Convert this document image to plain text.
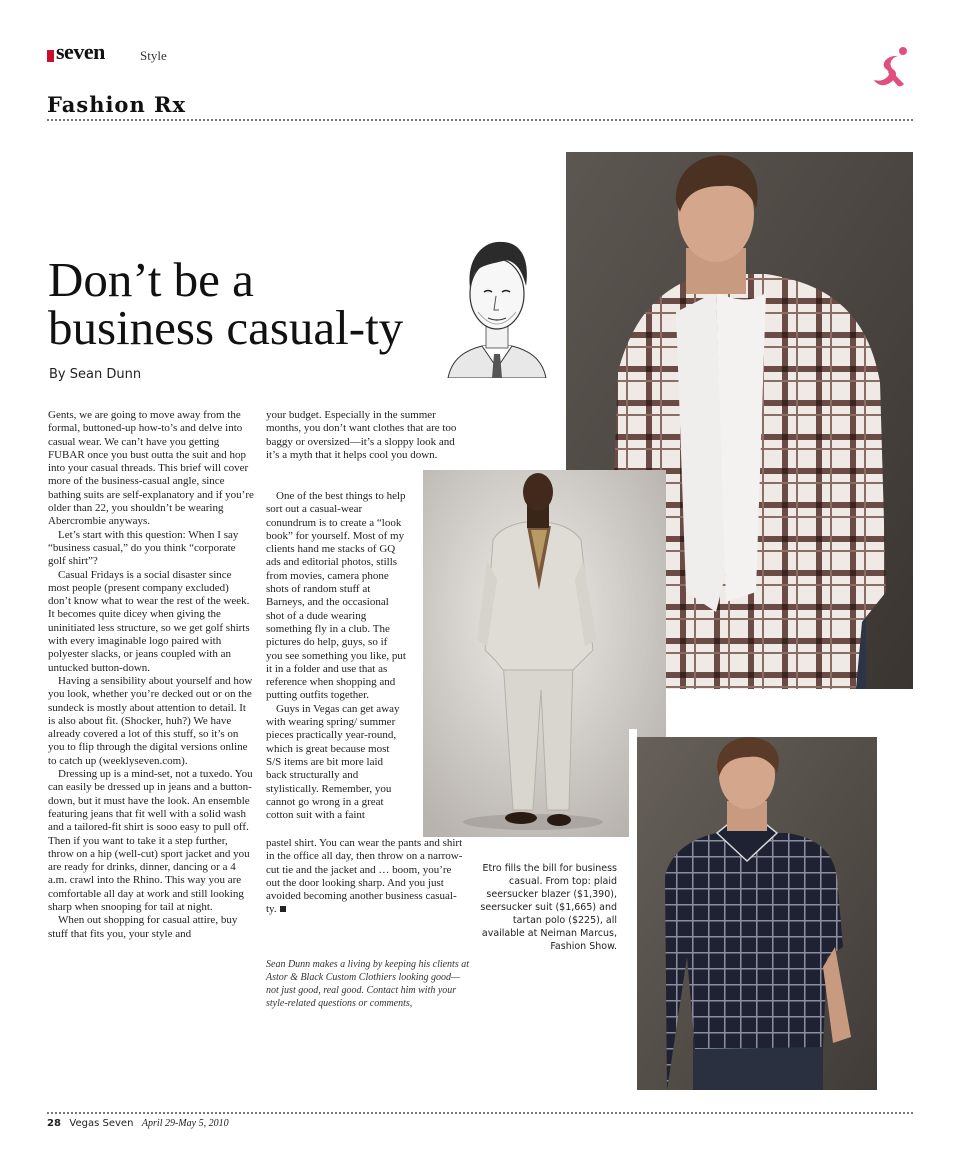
seven	Style
Fashion Rx
Don’t be a
business casual-ty
By Sean Dunn

Gents, we are going to move away from the formal, buttoned-up how-to’s and delve into casual wear. We can’t have you getting FUBAR once you bust outta the suit and hop into your casual threads. This brief will cover more of the business-casual angle, since bathing suits are self-explanatory and if you’re older than 22, you shouldn’t be wearing Abercrombie anyways.

Let’s start with this question: When I say “business casual,” do you think “corporate golf shirt”?

Casual Fridays is a social disaster since most people (present company excluded) don’t know what to wear the rest of the week. It becomes quite dicey when giving the uninitiated less structure, so we get golf shirts with every imaginable logo paired with polyester slacks, or jeans coupled with an untucked button-down.

Having a sensibility about yourself and how you look, whether you’re decked out or on the sundeck is mostly about attention to detail. It is also about fit. (Shocker, huh?) We have already covered a lot of this stuff, so it’s on you to flip through the digital versions online to catch up (weeklyseven.com).

Dressing up is a mind-set, not a tuxedo. You can easily be dressed up in jeans and a button-down, but it must have the look. An ensemble featuring jeans that fit well with a solid wash and a tailored-fit shirt is sooo easy to pull off. Then if you want to take it a step further, throw on a hip (well-cut) sport jacket and you are ready for drinks, dinner, dancing or a 4 a.m. crawl into the Rhino. This way you are comfortable all day at work and still looking sharp when snooping for tail at night.

When out shopping for casual attire, buy stuff that fits you, your style and

your budget. Especially in the summer months, you don’t want clothes that are too baggy or oversized—it’s a sloppy look and it’s a myth that it helps cool you down.

One of the best things to help sort out a casual-wear conundrum is to create a “look book” for yourself. Most of my clients hand me stacks of GQ ads and editorial photos, stills from movies, camera phone shots of random stuff at Barneys, and the occasional shot of a dude wearing something fly in a club. The pictures do help, guys, so if you see something you like, put it in a folder and use that as reference when shopping and putting outfits together.

Guys in Vegas can get away with wearing spring/ summer pieces practically year-round, which is great because most S/S items are bit more laid back structurally and stylistically. Remember, you cannot go wrong in a great cotton suit with a faint

pastel shirt. You can wear the pants and shirt in the office all day, then throw on a narrow-cut tie and the jacket and … boom, you’re out the door looking sharp. And you just avoided becoming another business casual-ty.

Sean Dunn makes a living by keeping his clients at Astor & Black Custom Clothiers looking good—not just good, real good. Contact him with your style-related questions or comments,
Etro fills the bill for business casual. From top: plaid seersucker blazer ($1,390), seersucker suit ($1,665) and tartan polo ($225), all available at Neiman Marcus, Fashion Show.
28 Vegas Seven April 29-May 5, 2010
